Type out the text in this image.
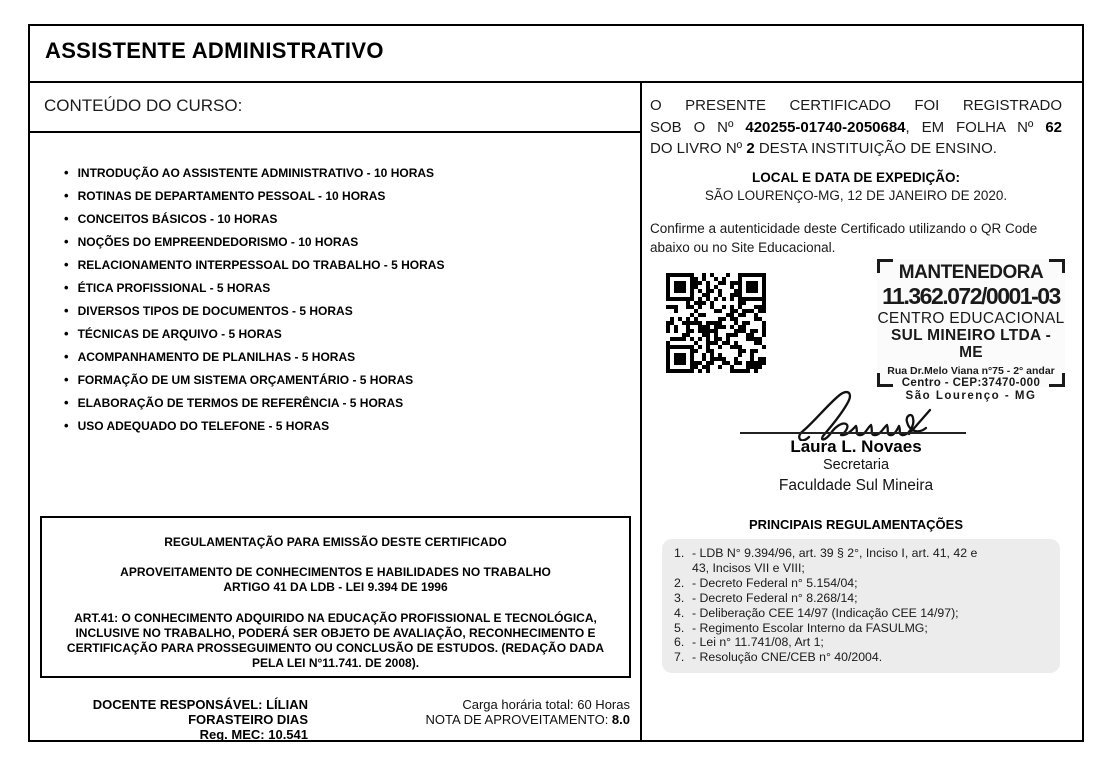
ASSISTENTE ADMINISTRATIVO
CONTEÚDO DO CURSO:
• INTRODUÇÃO AO ASSISTENTE ADMINISTRATIVO - 10 HORAS
• ROTINAS DE DEPARTAMENTO PESSOAL - 10 HORAS
• CONCEITOS BÁSICOS - 10 HORAS
• NOÇÕES DO EMPREENDEDORISMO - 10 HORAS
• RELACIONAMENTO INTERPESSOAL DO TRABALHO - 5 HORAS
• ÉTICA PROFISSIONAL - 5 HORAS
• DIVERSOS TIPOS DE DOCUMENTOS - 5 HORAS
• TÉCNICAS DE ARQUIVO - 5 HORAS
• ACOMPANHAMENTO DE PLANILHAS - 5 HORAS
• FORMAÇÃO DE UM SISTEMA ORÇAMENTÁRIO - 5 HORAS
• ELABORAÇÃO DE TERMOS DE REFERÊNCIA - 5 HORAS
• USO ADEQUADO DO TELEFONE - 5 HORAS
REGULAMENTAÇÃO PARA EMISSÃO DESTE CERTIFICADO
APROVEITAMENTO DE CONHECIMENTOS E HABILIDADES NO TRABALHO
ARTIGO 41 DA LDB - LEI 9.394 DE 1996
ART.41: O CONHECIMENTO ADQUIRIDO NA EDUCAÇÃO PROFISSIONAL E TECNOLÓGICA, INCLUSIVE NO TRABALHO, PODERÁ SER OBJETO DE AVALIAÇÃO, RECONHECIMENTO E CERTIFICAÇÃO PARA PROSSEGUIMENTO OU CONCLUSÃO DE ESTUDOS. (REDAÇÃO DADA PELA LEI N°11.741. DE 2008).
DOCENTE RESPONSÁVEL: LÍLIAN FORASTEIRO DIAS
Reg. MEC: 10.541
Carga horária total: 60 Horas
NOTA DE APROVEITAMENTO: 8.0
O PRESENTE CERTIFICADO FOI REGISTRADO
SOB O Nº 420255-01740-2050684, EM FOLHA Nº 62
DO LIVRO Nº 2 DESTA INSTITUIÇÃO DE ENSINO.
LOCAL E DATA DE EXPEDIÇÃO:
SÃO LOURENÇO-MG, 12 DE JANEIRO DE 2020.
Confirme a autenticidade deste Certificado utilizando o QR Code abaixo ou no Site Educacional.
MANTENEDORA
11.362.072/0001-03
CENTRO EDUCACIONAL
SUL MINEIRO LTDA - ME
Rua Dr.Melo Viana n°75 - 2° andar
Centro - CEP:37470-000
São Lourenço - MG
Laura L. Novaes
Secretaria
Faculdade Sul Mineira
PRINCIPAIS REGULAMENTAÇÕES
1. - LDB N° 9.394/96, art. 39 § 2°, Inciso I, art. 41, 42 e 43, Incisos VII e VIII;
2. - Decreto Federal n° 5.154/04;
3. - Decreto Federal n° 8.268/14;
4. - Deliberação CEE 14/97 (Indicação CEE 14/97);
5. - Regimento Escolar Interno da FASULMG;
6. - Lei n° 11.741/08, Art 1;
7. - Resolução CNE/CEB n° 40/2004.
